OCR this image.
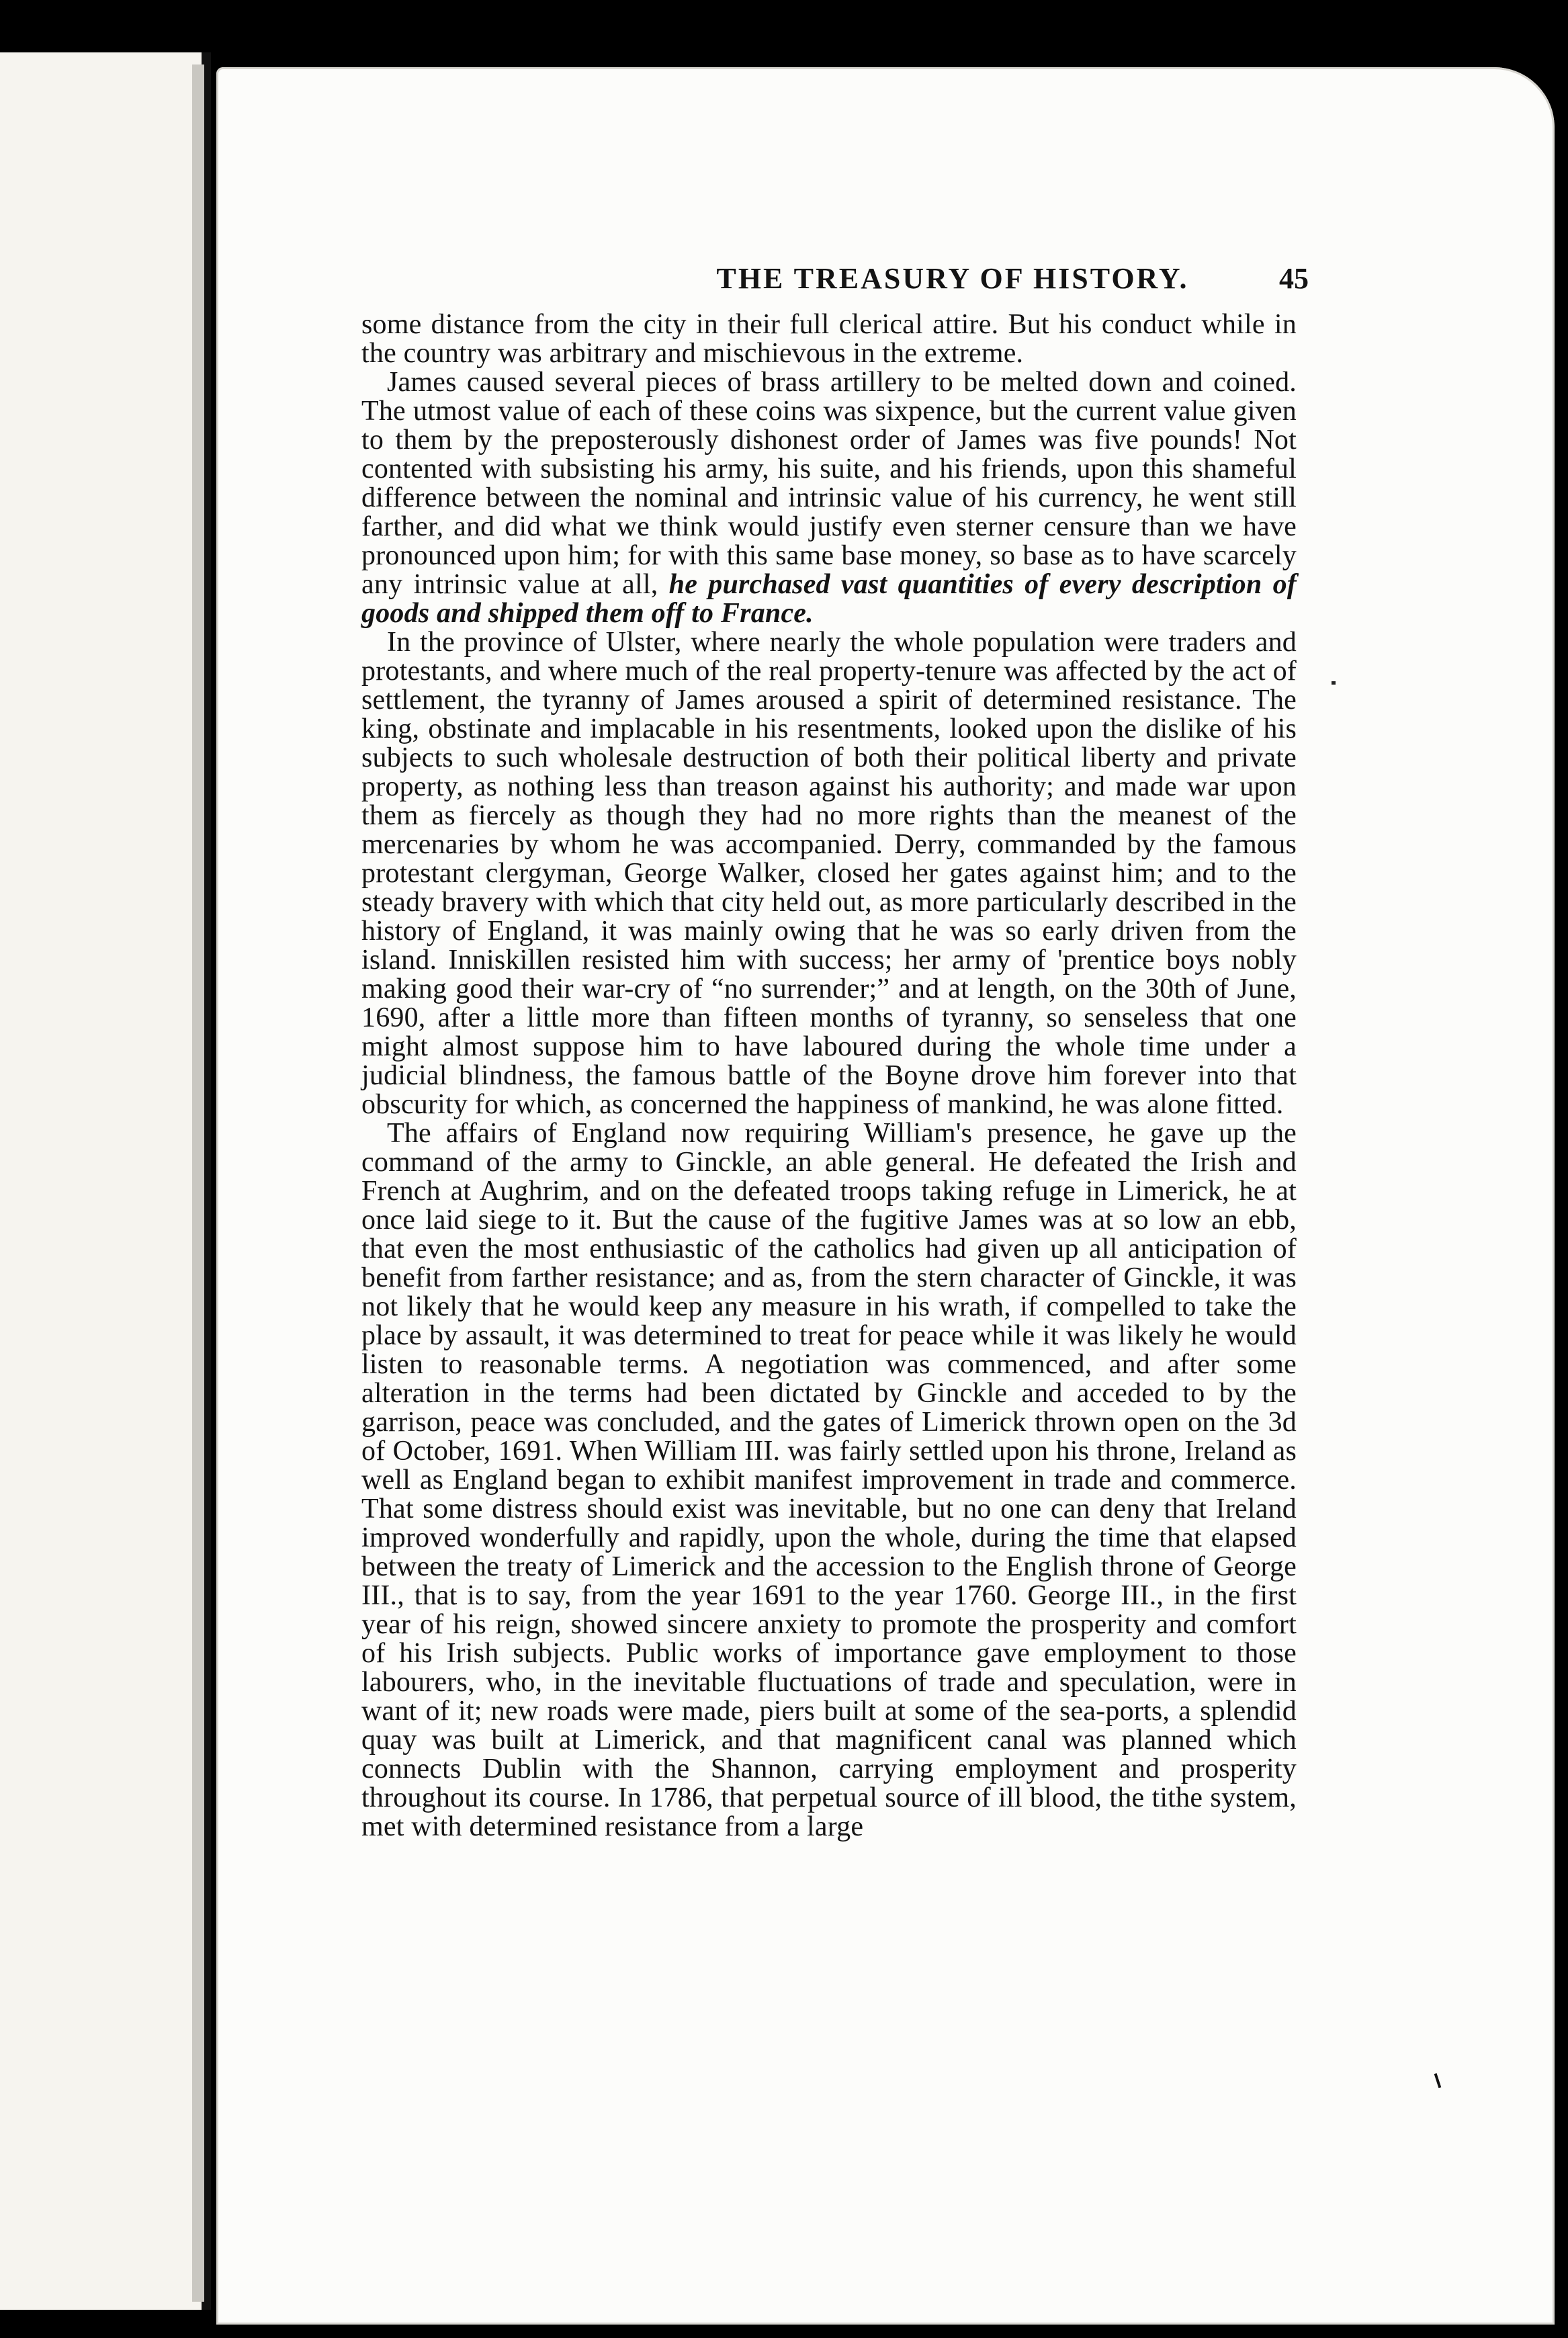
THE TREASURY OF HISTORY.	45

some distance from the city in their full clerical attire. But his conduct while in the country was arbitrary and mischievous in the extreme.

James caused several pieces of brass artillery to be melted down and coined. The utmost value of each of these coins was sixpence, but the current value given to them by the preposterously dishonest order of James was five pounds! Not contented with subsisting his army, his suite, and his friends, upon this shameful difference between the nominal and intrinsic value of his currency, he went still farther, and did what we think would justify even sterner censure than we have pronounced upon him; for with this same base money, so base as to have scarcely any intrinsic value at all, he purchased vast quantities of every description of goods and shipped them off to France.

In the province of Ulster, where nearly the whole population were traders and protestants, and where much of the real property-tenure was affected by the act of settlement, the tyranny of James aroused a spirit of determined resistance. The king, obstinate and implacable in his resentments, looked upon the dislike of his subjects to such wholesale destruction of both their political liberty and private property, as nothing less than treason against his authority; and made war upon them as fiercely as though they had no more rights than the meanest of the mercenaries by whom he was accompanied. Derry, commanded by the famous protestant clergyman, George Walker, closed her gates against him; and to the steady bravery with which that city held out, as more particularly described in the history of England, it was mainly owing that he was so early driven from the island. Inniskillen resisted him with success; her army of 'prentice boys nobly making good their war-cry of “no surrender;” and at length, on the 30th of June, 1690, after a little more than fifteen months of tyranny, so senseless that one might almost suppose him to have laboured during the whole time under a judicial blindness, the famous battle of the Boyne drove him forever into that obscurity for which, as concerned the happiness of mankind, he was alone fitted.

The affairs of England now requiring William's presence, he gave up the command of the army to Ginckle, an able general. He defeated the Irish and French at Aughrim, and on the defeated troops taking refuge in Limerick, he at once laid siege to it. But the cause of the fugitive James was at so low an ebb, that even the most enthusiastic of the catholics had given up all anticipation of benefit from farther resistance; and as, from the stern character of Ginckle, it was not likely that he would keep any measure in his wrath, if compelled to take the place by assault, it was determined to treat for peace while it was likely he would listen to reasonable terms. A negotiation was commenced, and after some alteration in the terms had been dictated by Ginckle and acceded to by the garrison, peace was concluded, and the gates of Limerick thrown open on the 3d of October, 1691. When William III. was fairly settled upon his throne, Ireland as well as England began to exhibit manifest improvement in trade and commerce. That some distress should exist was inevitable, but no one can deny that Ireland improved wonderfully and rapidly, upon the whole, during the time that elapsed between the treaty of Limerick and the accession to the English throne of George III., that is to say, from the year 1691 to the year 1760. George III., in the first year of his reign, showed sincere anxiety to promote the prosperity and comfort of his Irish subjects. Public works of importance gave employment to those labourers, who, in the inevitable fluctuations of trade and speculation, were in want of it; new roads were made, piers built at some of the sea-ports, a splendid quay was built at Limerick, and that magnificent canal was planned which connects Dublin with the Shannon, carrying employment and prosperity throughout its course. In 1786, that perpetual source of ill blood, the tithe system, met with determined resistance from a large
